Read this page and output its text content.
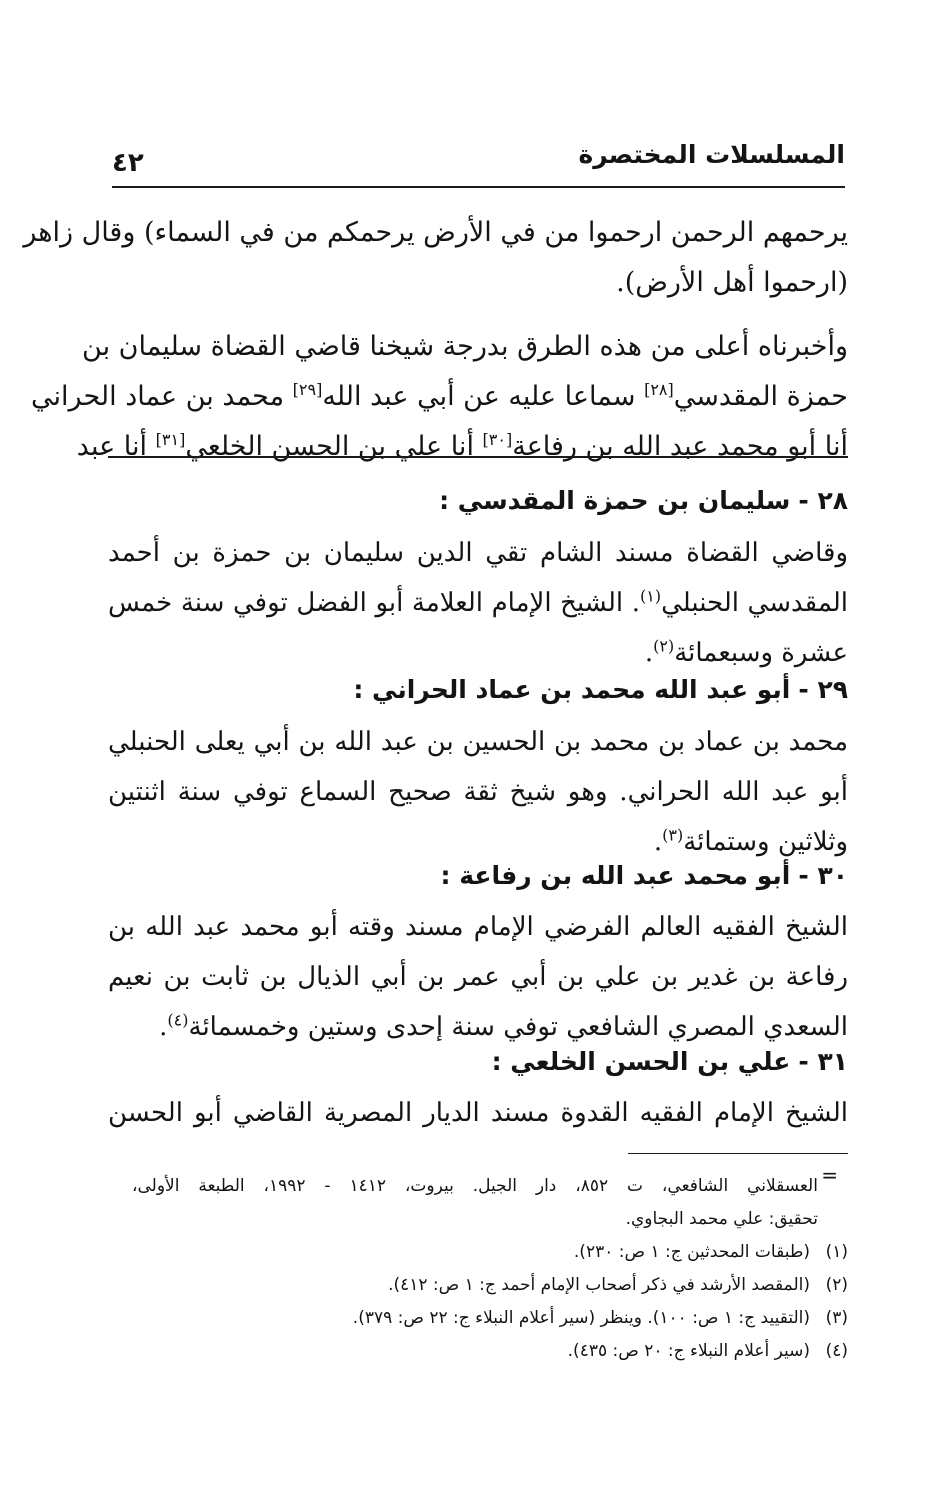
المسلسلات المختصرة
٤٢
يرحمهم الرحمن ارحموا من في الأرض يرحمكم من في السماء) وقال زاهر
(ارحموا أهل الأرض).
وأخبرناه أعلى من هذه الطرق بدرجة شيخنا قاضي القضاة سليمان بن
حمزة المقدسي[٢٨] سماعا عليه عن أبي عبد الله[٢٩] محمد بن عماد الحراني
أنا أبو محمد عبد الله بن رفاعة[٣٠] أنا علي بن الحسن الخلعي[٣١] أنا عبد
٢٨ -سليمان بن حمزة المقدسي :
وقاضي القضاة مسند الشام تقي الدين سليمان بن حمزة بن أحمد
المقدسي الحنبلي$^{(١)}$. الشيخ الإمام العلامة أبو الفضل توفي سنة خمس
عشرة وسبعمائة$^{(٢)}$.
٢٩ -أبو عبد الله محمد بن عماد الحراني :
محمد بن عماد بن محمد بن الحسين بن عبد الله بن أبي يعلى الحنبلي
أبو عبد الله الحراني. وهو شيخ ثقة صحيح السماع توفي سنة اثنتين
وثلاثين وستمائة$^{(٣)}$.
٣٠ -أبو محمد عبد الله بن رفاعة :
الشيخ الفقيه العالم الفرضي الإمام مسند وقته أبو محمد عبد الله بن
رفاعة بن غدير بن علي بن أبي عمر بن أبي الذيال بن ثابت بن نعيم
السعدي المصري الشافعي توفي سنة إحدى وستين وخمسمائة$^{(٤)}$.
٣١ -علي بن الحسن الخلعي :
الشيخ الإمام الفقيه القدوة مسند الديار المصرية القاضي أبو الحسن
=
العسقلاني الشافعي، ت ٨٥٢، دار الجيل. بيروت، ١٤١٢ - ١٩٩٢، الطبعة الأولى،
تحقيق: علي محمد البجاوي.
(١)(طبقات المحدثين ج: ١ ص: ٢٣٠).
(٢)(المقصد الأرشد في ذكر أصحاب الإمام أحمد ج: ١ ص: ٤١٢).
(٣)(التقييد ج: ١ ص: ١٠٠). وينظر (سير أعلام النبلاء ج: ٢٢ ص: ٣٧٩).
(٤)(سير أعلام النبلاء ج: ٢٠ ص: ٤٣٥).
